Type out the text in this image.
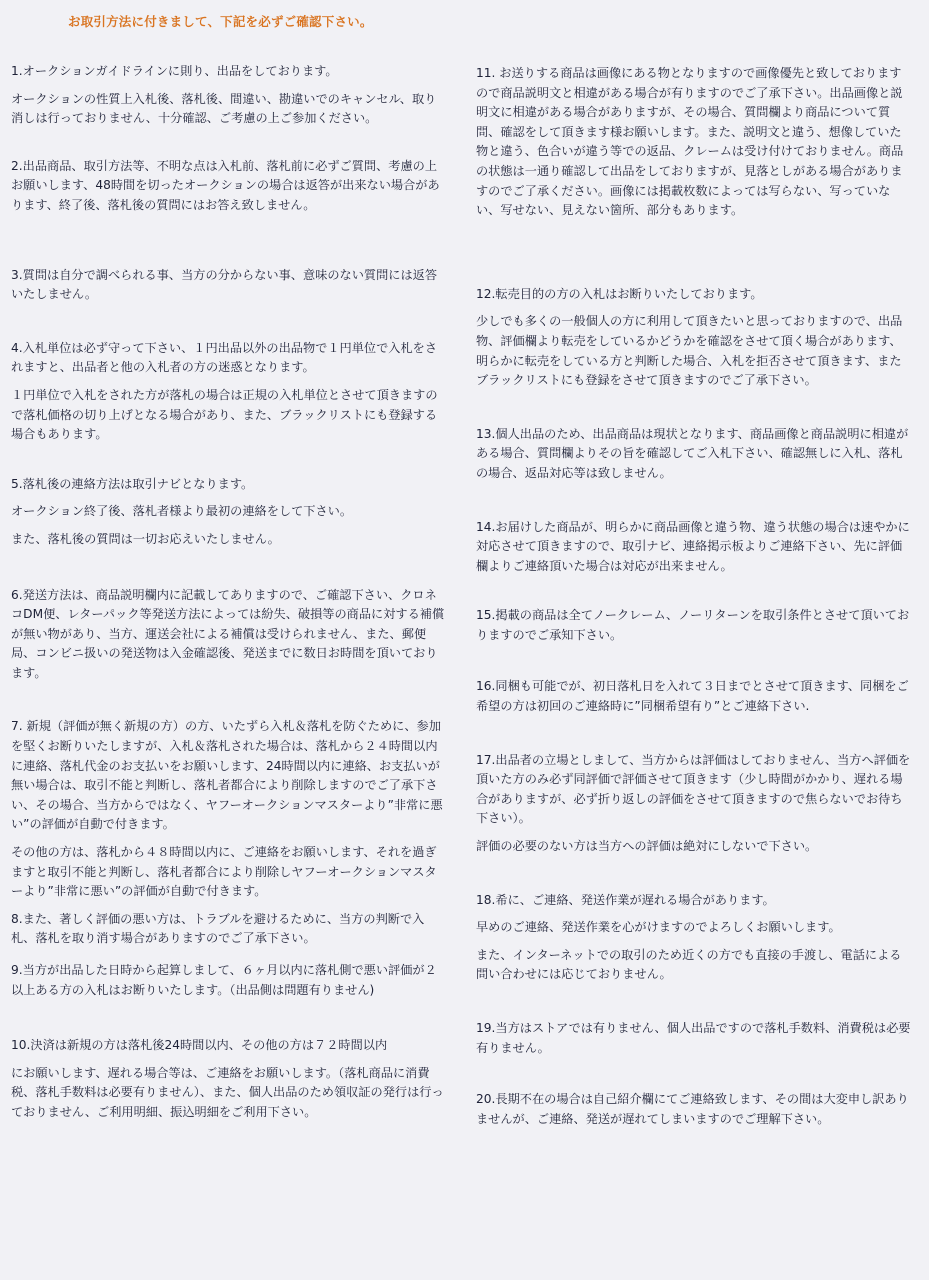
お取引方法に付きまして、下記を必ずご確認下さい。

1.オークションガイドラインに則り、出品をしております。

オークションの性質上入札後、落札後、間違い、勘違いでのキャンセル、取り消しは行っておりません、十分確認、ご考慮の上ご参加ください。

2.出品商品、取引方法等、不明な点は入札前、落札前に必ずご質問、考慮の上お願いします、48時間を切ったオークションの場合は返答が出来ない場合があります、終了後、落札後の質問にはお答え致しません。

3.質問は自分で調べられる事、当方の分からない事、意味のない質問には返答いたしません。

4.入札単位は必ず守って下さい、１円出品以外の出品物で１円単位で入札をされますと、出品者と他の入札者の方の迷惑となります。

１円単位で入札をされた方が落札の場合は正規の入札単位とさせて頂きますので落札価格の切り上げとなる場合があり、また、ブラックリストにも登録する場合もあります。

5.落札後の連絡方法は取引ナビとなります。

オークション終了後、落札者様より最初の連絡をして下さい。

また、落札後の質問は一切お応えいたしません。

6.発送方法は、商品説明欄内に記載してありますので、ご確認下さい、クロネコDM便、レターパック等発送方法によっては紛失、破損等の商品に対する補償が無い物があり、当方、運送会社による補償は受けられません、また、郵便局、コンビニ扱いの発送物は入金確認後、発送までに数日お時間を頂いております。

7. 新規（評価が無く新規の方）の方、いたずら入札＆落札を防ぐために、参加を堅くお断りいたしますが、入札＆落札された場合は、落札から２４時間以内に連絡、落札代金のお支払いをお願いします、24時間以内に連絡、お支払いが無い場合は、取引不能と判断し、落札者都合により削除しますのでご了承下さい、その場合、当方からではなく、ヤフーオークションマスターより”非常に悪い”の評価が自動で付きます。

その他の方は、落札から４８時間以内に、ご連絡をお願いします、それを過ぎますと取引不能と判断し、落札者都合により削除しヤフーオークションマスターより”非常に悪い”の評価が自動で付きます。

8.また、著しく評価の悪い方は、トラブルを避けるために、当方の判断で入札、落札を取り消す場合がありますのでご了承下さい。

9.当方が出品した日時から起算しまして、６ヶ月以内に落札側で悪い評価が２以上ある方の入札はお断りいたします。（出品側は問題有りません)

10.決済は新規の方は落札後24時間以内、その他の方は７２時間以内

にお願いします、遅れる場合等は、ご連絡をお願いします。（落札商品に消費税、落札手数料は必要有りません）、また、個人出品のため領収証の発行は行っておりません、ご利用明細、振込明細をご利用下さい。

11. お送りする商品は画像にある物となりますので画像優先と致しておりますので商品説明文と相違がある場合が有りますのでご了承下さい。出品画像と説明文に相違がある場合がありますが、その場合、質問欄より商品について質問、確認をして頂きます様お願いします。また、説明文と違う、想像していた物と違う、色合いが違う等での返品、クレームは受け付けておりません。商品の状態は一通り確認して出品をしておりますが、見落としがある場合がありますのでご了承ください。画像には掲載枚数によっては写らない、写っていない、写せない、見えない箇所、部分もあります。

12.転売目的の方の入札はお断りいたしております。

少しでも多くの一般個人の方に利用して頂きたいと思っておりますので、出品物、評価欄より転売をしているかどうかを確認をさせて頂く場合があります、明らかに転売をしている方と判断した場合、入札を拒否させて頂きます、またブラックリストにも登録をさせて頂きますのでご了承下さい。

13.個人出品のため、出品商品は現状となります、商品画像と商品説明に相違がある場合、質問欄よりその旨を確認してご入札下さい、確認無しに入札、落札の場合、返品対応等は致しません。

14.お届けした商品が、明らかに商品画像と違う物、違う状態の場合は速やかに対応させて頂きますので、取引ナビ、連絡掲示板よりご連絡下さい、先に評価欄よりご連絡頂いた場合は対応が出来ません。

15.掲載の商品は全てノークレーム、ノーリターンを取引条件とさせて頂いておりますのでご承知下さい。

16.同梱も可能でが、初日落札日を入れて３日までとさせて頂きます、同梱をご希望の方は初回のご連絡時に”同梱希望有り”とご連絡下さい.

17.出品者の立場としまして、当方からは評価はしておりません、当方へ評価を頂いた方のみ必ず同評価で評価させて頂きます（少し時間がかかり、遅れる場合がありますが、必ず折り返しの評価をさせて頂きますので焦らないでお待ち下さい）。

評価の必要のない方は当方への評価は絶対にしないで下さい。

18.希に、ご連絡、発送作業が遅れる場合があります。

早めのご連絡、発送作業を心がけますのでよろしくお願いします。

また、インターネットでの取引のため近くの方でも直接の手渡し、電話による問い合わせには応じておりません。

19.当方はストアでは有りません、個人出品ですので落札手数料、消費税は必要有りません。

20.長期不在の場合は自己紹介欄にてご連絡致します、その間は大変申し訳ありませんが、ご連絡、発送が遅れてしまいますのでご理解下さい。
